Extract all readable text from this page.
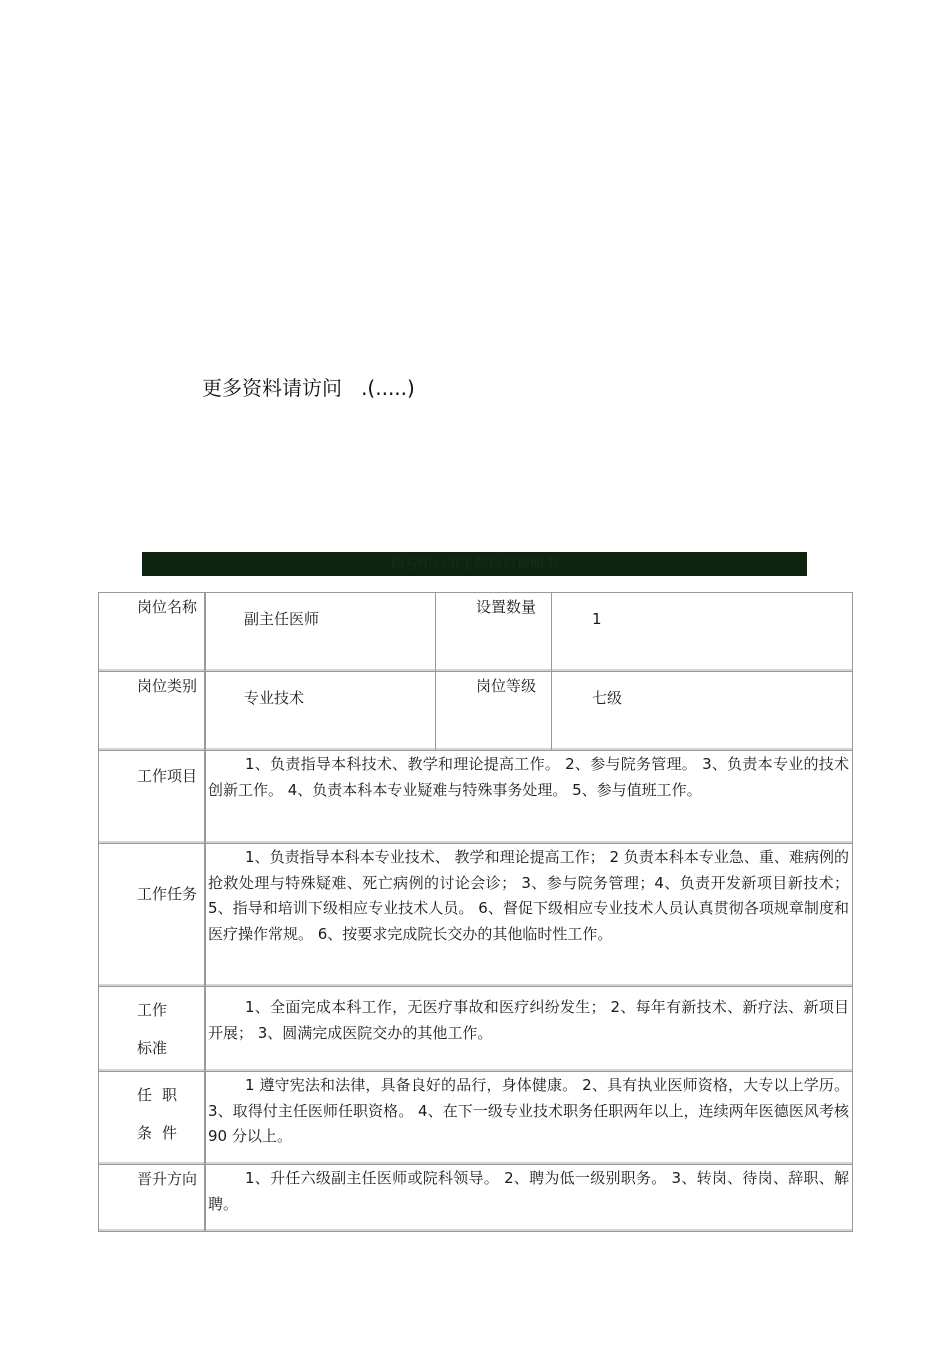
更多资料请访问   .(.....)
西营中心卫生院岗位说明书
岗位名称	副主任医师	设置数量	1

岗位类别	专业技术	岗位等级	七级

工作项目	1、负责指导本科技术、教学和理论提高工作。 2、参与院务管理。 3、负责本专业的技术创新工作。 4、负责本科本专业疑难与特殊事务处理。 5、参与值班工作。		

工作任务	1、负责指导本科本专业技术、 教学和理论提高工作； 2 负责本科本专业急、重、难病例的抢救处理与特殊疑难、死亡病例的讨论会诊； 3、参与院务管理；4、负责开发新项目新技术； 5、指导和培训下级相应专业技术人员。 6、督促下级相应专业技术人员认真贯彻各项规章制度和医疗操作常规。 6、按要求完成院长交办的其他临时性工作。		

工作
标准	1、全面完成本科工作，无医疗事故和医疗纠纷发生； 2、每年有新技术、新疗法、新项目开展； 3、圆满完成医院交办的其他工作。		

任职
条件	1 遵守宪法和法律，具备良好的品行，身体健康。 2、具有执业医师资格，大专以上学历。 3、取得付主任医师任职资格。 4、在下一级专业技术职务任职两年以上，连续两年医德医风考核 90 分以上。		

晋升方向	1、升任六级副主任医师或院科领导。 2、聘为低一级别职务。 3、转岗、待岗、辞职、解聘。		
